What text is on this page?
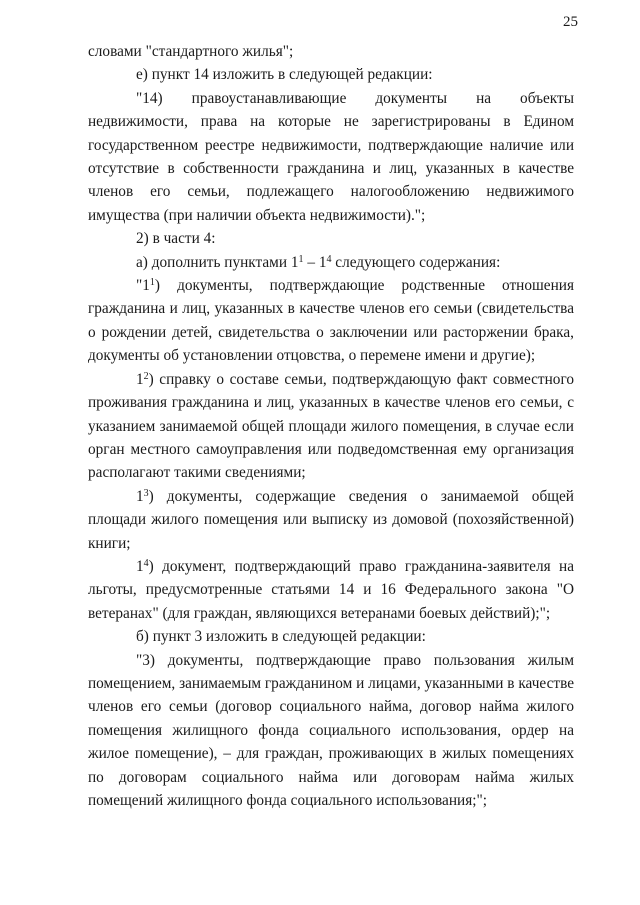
25

словами "стандартного жилья";

е) пункт 14 изложить в следующей редакции:

"14) правоустанавливающие документы на объекты недвижимости, права на которые не зарегистрированы в Едином государственном реестре недвижимости, подтверждающие наличие или отсутствие в собственности гражданина и лиц, указанных в качестве членов его семьи, подлежащего налогообложению недвижимого имущества (при наличии объекта недвижимости).";

2) в части 4:

а) дополнить пунктами $1^1 - 1^4$ следующего содержания:

"$1^1$) документы, подтверждающие родственные отношения гражданина и лиц, указанных в качестве членов его семьи (свидетельства о рождении детей, свидетельства о заключении или расторжении брака, документы об установлении отцовства, о перемене имени и другие);

$1^2$) справку о составе семьи, подтверждающую факт совместного проживания гражданина и лиц, указанных в качестве членов его семьи, с указанием занимаемой общей площади жилого помещения, в случае если орган местного самоуправления или подведомственная ему организация располагают такими сведениями;

$1^3$) документы, содержащие сведения о занимаемой общей площади жилого помещения или выписку из домовой (похозяйственной) книги;

$1^4$) документ, подтверждающий право гражданина-заявителя на льготы, предусмотренные статьями 14 и 16 Федерального закона "О ветеранах" (для граждан, являющихся ветеранами боевых действий);";

б) пункт 3 изложить в следующей редакции:

"3) документы, подтверждающие право пользования жилым помещением, занимаемым гражданином и лицами, указанными в качестве членов его семьи (договор социального найма, договор найма жилого помещения жилищного фонда социального использования, ордер на жилое помещение), – для граждан, проживающих в жилых помещениях по договорам социального найма или договорам найма жилых помещений жилищного фонда социального использования;";
